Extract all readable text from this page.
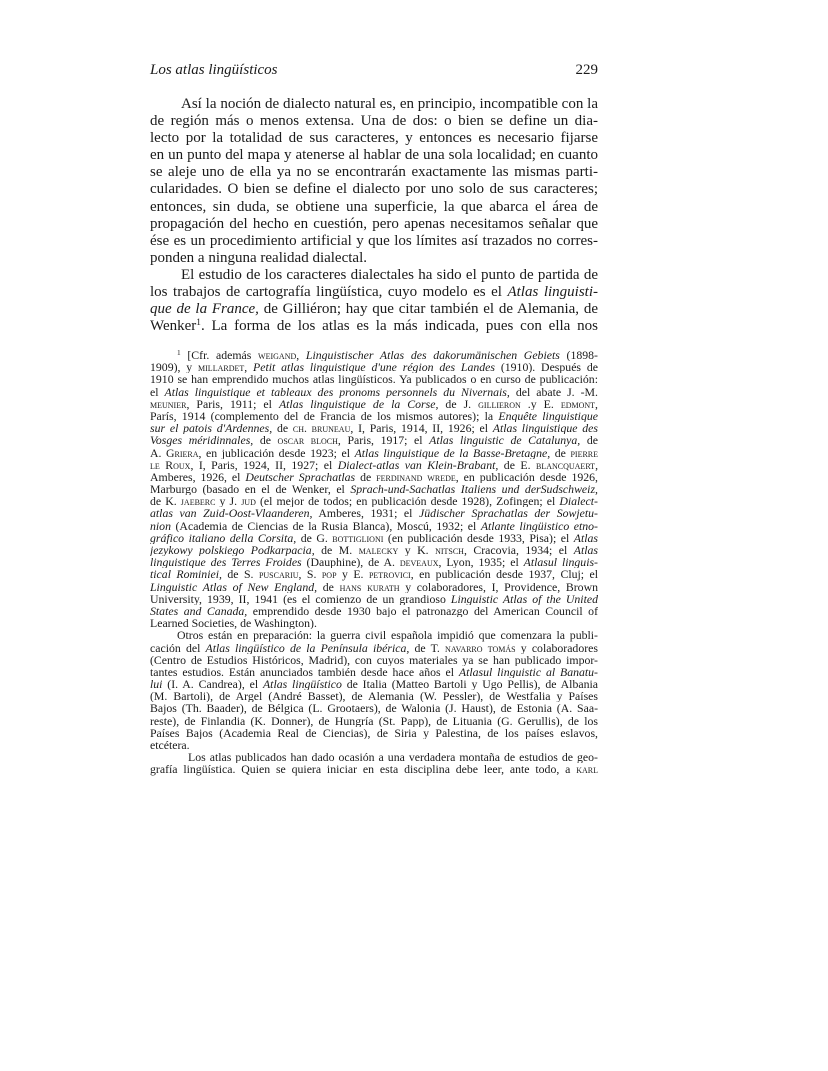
Los atlas lingüísticos	229
Así la noción de dialecto natural es, en principio, incompatible con la
de región más o menos extensa. Una de dos: o bien se define un dia-
lecto por la totalidad de sus caracteres, y entonces es necesario fijarse
en un punto del mapa y atenerse al hablar de una sola localidad; en cuanto
se aleje uno de ella ya no se encontrarán exactamente las mismas parti-
cularidades. O bien se define el dialecto por uno solo de sus caracteres;
entonces, sin duda, se obtiene una superficie, la que abarca el área de
propagación del hecho en cuestión, pero apenas necesitamos señalar que
ése es un procedimiento artificial y que los límites así trazados no corres-
ponden a ninguna realidad dialectal.
El estudio de los caracteres dialectales ha sido el punto de partida de
los trabajos de cartografía lingüística, cuyo modelo es el Atlas linguisti-
que de la France, de Gilliéron; hay que citar también el de Alemania, de
Wenker$^1$. La forma de los atlas es la más indicada, pues con ella nos
$^1$ [Cfr. además weigand, Linguistischer Atlas des dakorumänischen Gebiets (1898-
1909), y millardet, Petit atlas linguistique d'une région des Landes (1910). Después de
1910 se han emprendido muchos atlas lingüísticos. Ya publicados o en curso de publicación:
el Atlas linguistique et tableaux des pronoms personnels du Nivernais, del abate J. -M.
meunier, Paris, 1911; el Atlas linguistique de la Corse, de J. gillieron .y E. edmont,
París, 1914 (complemento del de Francia de los mismos autores); la Enquête linguistique
sur el patois d'Ardennes, de ch. bruneau, I, Paris, 1914, II, 1926; el Atlas linguistique des
Vosges méridinnales, de oscar bloch, Paris, 1917; el Atlas linguistic de Catalunya, de
A. Griera, en jublicación desde 1923; el Atlas linguistique de la Basse-Bretagne, de pierre
le Roux, I, Paris, 1924, II, 1927; el Dialect-atlas van Klein-Brabant, de E. blancquaert,
Amberes, 1926, el Deutscher Sprachatlas de ferdinand wrede, en publicación desde 1926,
Marburgo (basado en el de Wenker, el Sprach-und-Sachatlas Italiens und derSudschweiz,
de K. jaeberc y J. jud (el mejor de todos; en publicación desde 1928), Zofingen; el Dialect-
atlas van Zuid-Oost-Vlaanderen, Amberes, 1931; el Jüdischer Sprachatlas der Sowjetu-
nion (Academia de Ciencias de la Rusia Blanca), Moscú, 1932; el Atlante lingüistico etno-
gráfico italiano della Corsita, de G. bottiglioni (en publicación desde 1933, Pisa); el Atlas
jezykowy polskiego Podkarpacia, de M. malecky y K. nitsch, Cracovia, 1934; el Atlas
linguistique des Terres Froides (Dauphine), de A. deveaux, Lyon, 1935; el Atlasul linguis-
tical Rominiei, de S. puscariu, S. pop y E. petrovici, en publicación desde 1937, Cluj; el
Linguistic Atlas of New England, de hans kurath y colaboradores, I, Providence, Brown
University, 1939, II, 1941 (es el comienzo de un grandioso Linguistic Atlas of the United
States and Canada, emprendido desde 1930 bajo el patronazgo del American Council of
Learned Societies, de Washington).
Otros están en preparación: la guerra civil española impidió que comenzara la publi-
cación del Atlas lingüístico de la Península ibérica, de T. navarro tomás y colaboradores
(Centro de Estudios Históricos, Madrid), con cuyos materiales ya se han publicado impor-
tantes estudios. Están anunciados también desde hace años el Atlasul linguistic al Banatu-
lui (I. A. Candrea), el Atlas lingüístico de Italia (Matteo Bartoli y Ugo Pellis), de Albania
(M. Bartoli), de Argel (André Basset), de Alemania (W. Pessler), de Westfalia y Países
Bajos (Th. Baader), de Bélgica (L. Grootaers), de Walonia (J. Haust), de Estonia (A. Saa-
reste), de Finlandia (K. Donner), de Hungría (St. Papp), de Lituania (G. Gerullis), de los
Países Bajos (Academia Real de Ciencias), de Siria y Palestina, de los países eslavos,
etcétera.
Los atlas publicados han dado ocasión a una verdadera montaña de estudios de geo-
grafía lingüística. Quien se quiera iniciar en esta disciplina debe leer, ante todo, a karl
